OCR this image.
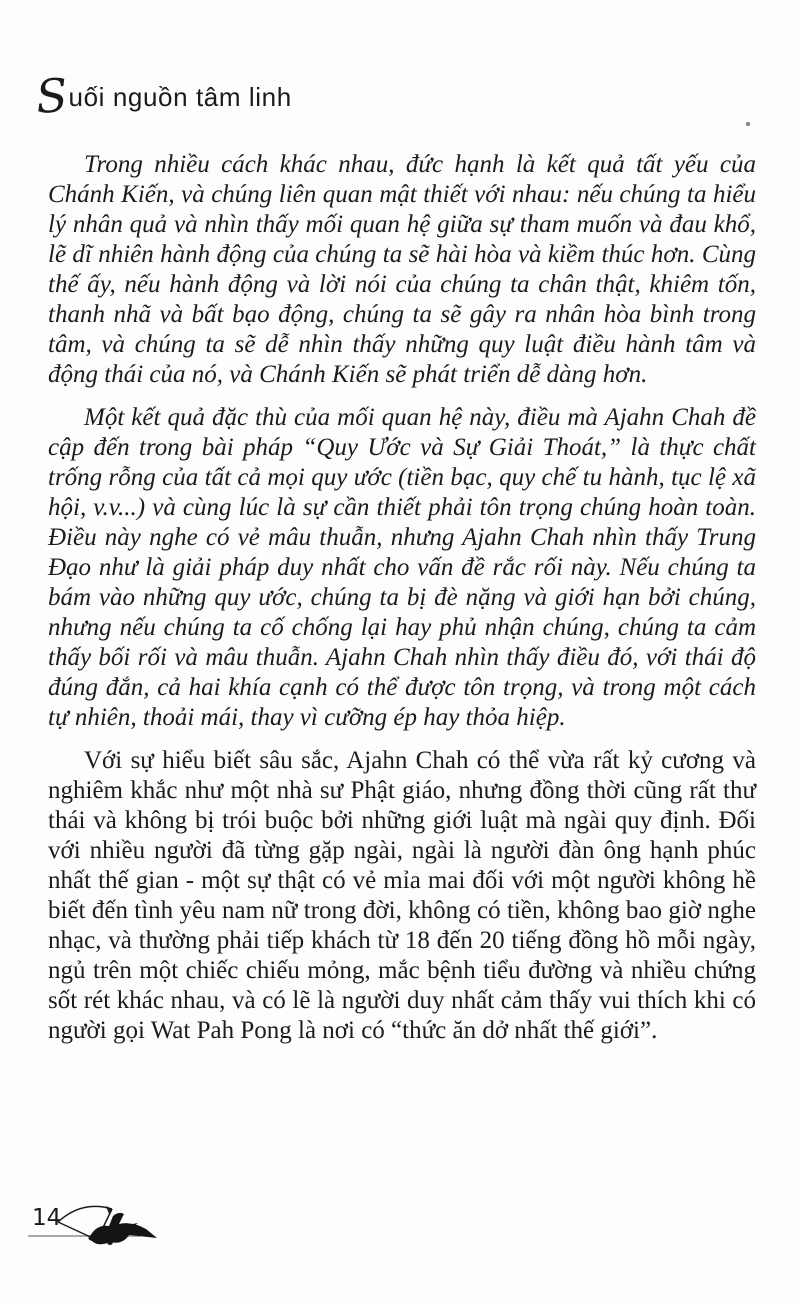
Suối nguồn tâm linh

Trong nhiều cách khác nhau, đức hạnh là kết quả tất yếu của Chánh Kiến, và chúng liên quan mật thiết với nhau: nếu chúng ta hiểu lý nhân quả và nhìn thấy mối quan hệ giữa sự tham muốn và đau khổ, lẽ dĩ nhiên hành động của chúng ta sẽ hài hòa và kiềm thúc hơn. Cùng thế ấy, nếu hành động và lời nói của chúng ta chân thật, khiêm tốn, thanh nhã và bất bạo động, chúng ta sẽ gây ra nhân hòa bình trong tâm, và chúng ta sẽ dễ nhìn thấy những quy luật điều hành tâm và động thái của nó, và Chánh Kiến sẽ phát triển dễ dàng hơn.

Một kết quả đặc thù của mối quan hệ này, điều mà Ajahn Chah đề cập đến trong bài pháp “Quy Ước và Sự Giải Thoát,” là thực chất trống rỗng của tất cả mọi quy ước (tiền bạc, quy chế tu hành, tục lệ xã hội, v.v...) và cùng lúc là sự cần thiết phải tôn trọng chúng hoàn toàn. Điều này nghe có vẻ mâu thuẫn, nhưng Ajahn Chah nhìn thấy Trung Đạo như là giải pháp duy nhất cho vấn đề rắc rối này. Nếu chúng ta bám vào những quy ước, chúng ta bị đè nặng và giới hạn bởi chúng, nhưng nếu chúng ta cố chống lại hay phủ nhận chúng, chúng ta cảm thấy bối rối và mâu thuẫn. Ajahn Chah nhìn thấy điều đó, với thái độ đúng đắn, cả hai khía cạnh có thể được tôn trọng, và trong một cách tự nhiên, thoải mái, thay vì cưỡng ép hay thỏa hiệp.

Với sự hiểu biết sâu sắc, Ajahn Chah có thể vừa rất kỷ cương và nghiêm khắc như một nhà sư Phật giáo, nhưng đồng thời cũng rất thư thái và không bị trói buộc bởi những giới luật mà ngài quy định. Đối với nhiều người đã từng gặp ngài, ngài là người đàn ông hạnh phúc nhất thế gian - một sự thật có vẻ mỉa mai đối với một người không hề biết đến tình yêu nam nữ trong đời, không có tiền, không bao giờ nghe nhạc, và thường phải tiếp khách từ 18 đến 20 tiếng đồng hồ mỗi ngày, ngủ trên một chiếc chiếu mỏng, mắc bệnh tiểu đường và nhiều chứng sốt rét khác nhau, và có lẽ là người duy nhất cảm thấy vui thích khi có người gọi Wat Pah Pong là nơi có “thức ăn dở nhất thế giới”.

14
